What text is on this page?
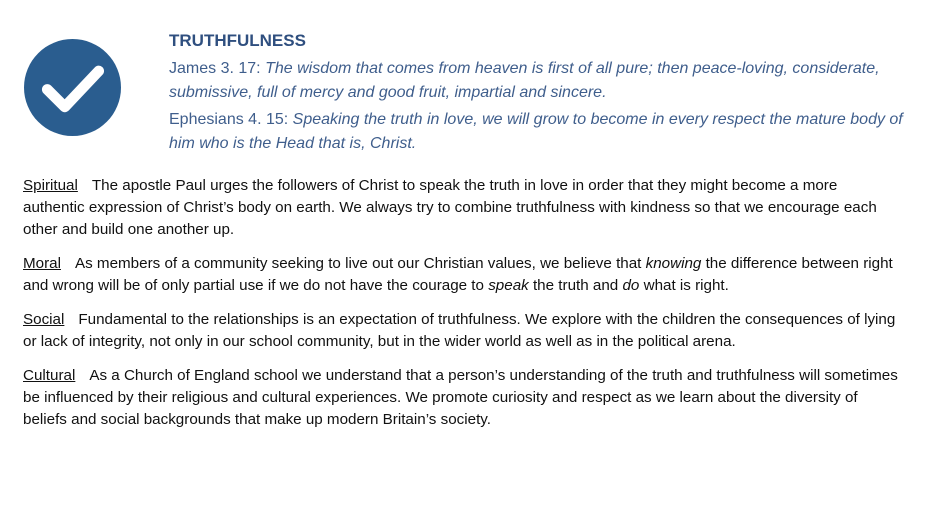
TRUTHFULNESS

James 3. 17: The wisdom that comes from heaven is first of all pure; then peace-loving, considerate, submissive, full of mercy and good fruit, impartial and sincere.

Ephesians 4. 15: Speaking the truth in love, we will grow to become in every respect the mature body of him who is the Head that is, Christ.

Spiritual The apostle Paul urges the followers of Christ to speak the truth in love in order that they might become a more authentic expression of Christ’s body on earth. We always try to combine truthfulness with kindness so that we encourage each other and build one another up.

Moral As members of a community seeking to live out our Christian values, we believe that knowing the difference between right and wrong will be of only partial use if we do not have the courage to speak the truth and do what is right.

Social Fundamental to the relationships is an expectation of truthfulness. We explore with the children the consequences of lying or lack of integrity, not only in our school community, but in the wider world as well as in the political arena.

Cultural As a Church of England school we understand that a person’s understanding of the truth and truthfulness will sometimes be influenced by their religious and cultural experiences. We promote curiosity and respect as we learn about the diversity of beliefs and social backgrounds that make up modern Britain’s society.
